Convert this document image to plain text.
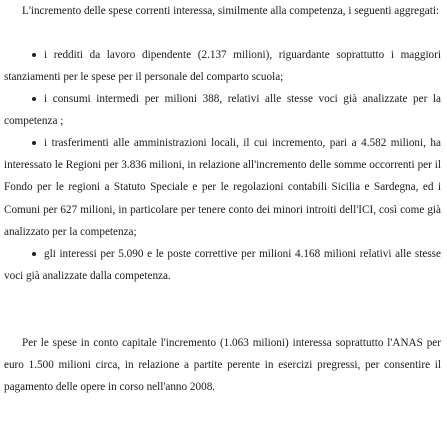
L'incremento delle spese correnti interessa, similmente alla competenza, i seguenti aggregati:

i redditi da lavoro dipendente (2.137 milioni), riguardante soprattutto i maggiori stanziamenti per le spese per il personale del comparto scuola;

i consumi intermedi per milioni 388, relativi alle stesse voci già analizzate per la competenza ;

i trasferimenti alle amministrazioni locali, il cui incremento, pari a 4.582 milioni, ha interessato le Regioni per 3.836 milioni, in relazione all'incremento delle somme occorrenti per il Fondo per le regioni a Statuto Speciale e per le regolazioni contabili Sicilia e Sardegna, ed i Comuni per 627 milioni, in particolare per tenere conto dei minori introiti dell'ICI, così come già analizzato per la competenza;

gli interessi per 5.090 e le poste correttive per milioni 4.168 milioni relativi alle stesse voci già analizzate dalla competenza.

Per le spese in conto capitale l'incremento (1.063 milioni) interessa soprattutto l'ANAS per euro 1.500 milioni circa, in relazione a partite perente in esercizi pregressi, per consentire il pagamento delle opere in corso nell'anno 2008.
